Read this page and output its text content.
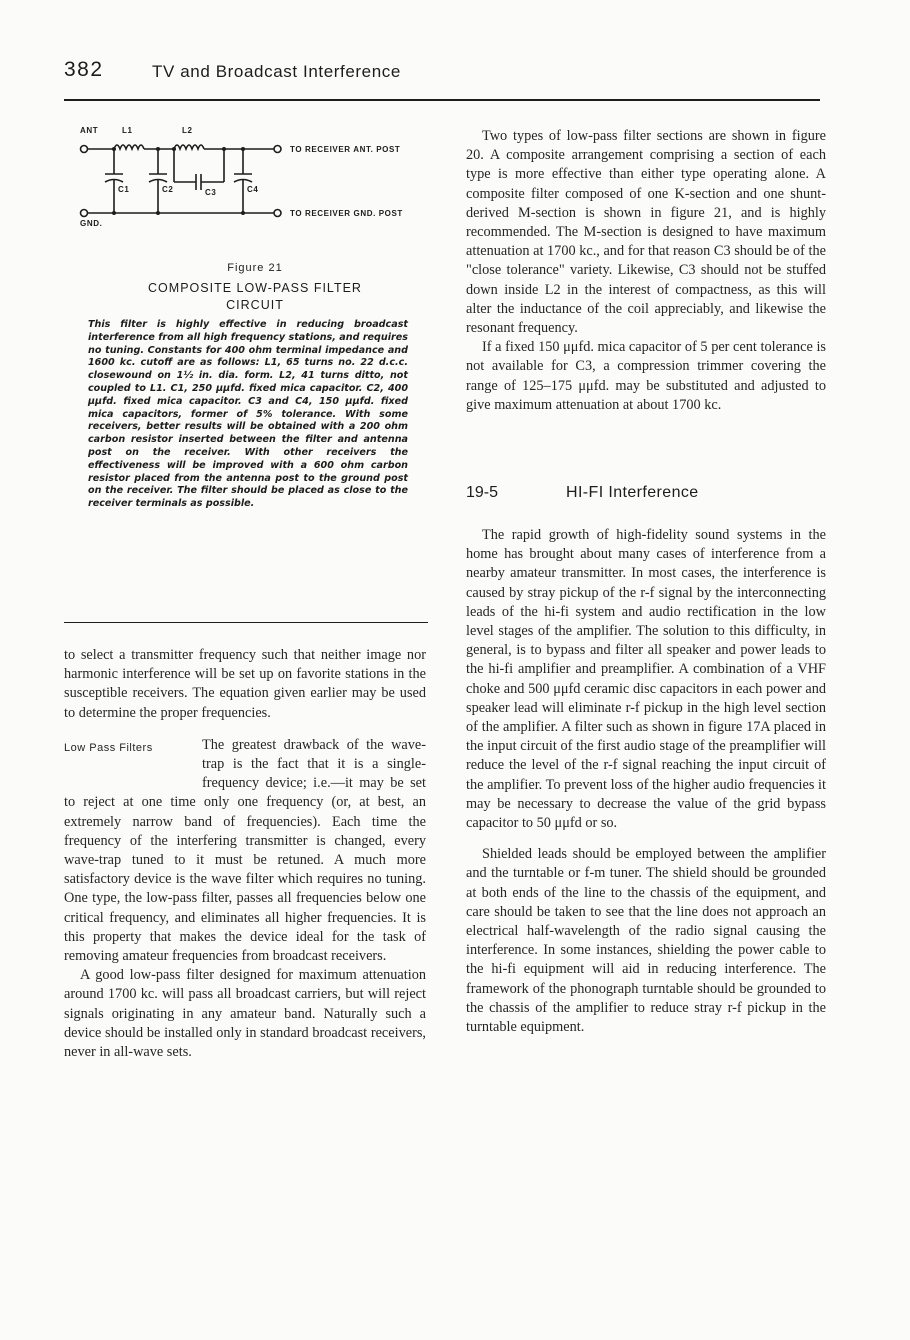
382	TV and Broadcast Interference
ANT
GND.
L1	L2
C1	C2	C3	C4
TO RECEIVER ANT. POST
TO RECEIVER GND. POST
Figure 21
COMPOSITE LOW-PASS FILTER
CIRCUIT
This filter is highly effective in reducing broadcast interference from all high frequency stations, and requires no tuning. Constants for 400 ohm terminal impedance and 1600 kc. cutoff are as follows: L1, 65 turns no. 22 d.c.c. closewound on 1½ in. dia. form. L2, 41 turns ditto, not coupled to L1. C1, 250 μμfd. fixed mica capacitor. C2, 400 μμfd. fixed mica capacitor. C3 and C4, 150 μμfd. fixed mica capacitors, former of 5% tolerance. With some receivers, better results will be obtained with a 200 ohm carbon resistor inserted between the filter and antenna post on the receiver. With other receivers the effectiveness will be improved with a 600 ohm carbon resistor placed from the antenna post to the ground post on the receiver. The filter should be placed as close to the receiver terminals as possible.

to select a transmitter frequency such that neither image nor harmonic interference will be set up on favorite stations in the susceptible receivers. The equation given earlier may be used to determine the proper frequencies.

Low Pass Filters	The greatest drawback of the wave-trap is the fact that it is a single-frequency device; i.e.—it may be set to reject at one time only one frequency (or, at best, an extremely narrow band of frequencies). Each time the frequency of the interfering transmitter is changed, every wave-trap tuned to it must be retuned. A much more satisfactory device is the wave filter which requires no tuning. One type, the low-pass filter, passes all frequencies below one critical frequency, and eliminates all higher frequencies. It is this property that makes the device ideal for the task of removing amateur frequencies from broadcast receivers.

A good low-pass filter designed for maximum attenuation around 1700 kc. will pass all broadcast carriers, but will reject signals originating in any amateur band. Naturally such a device should be installed only in standard broadcast receivers, never in all-wave sets.

Two types of low-pass filter sections are shown in figure 20. A composite arrangement comprising a section of each type is more effective than either type operating alone. A composite filter composed of one K-section and one shunt-derived M-section is shown in figure 21, and is highly recommended. The M-section is designed to have maximum attenuation at 1700 kc., and for that reason C3 should be of the "close tolerance" variety. Likewise, C3 should not be stuffed down inside L2 in the interest of compactness, as this will alter the inductance of the coil appreciably, and likewise the resonant frequency.

If a fixed 150 μμfd. mica capacitor of 5 per cent tolerance is not available for C3, a compression trimmer covering the range of 125–175 μμfd. may be substituted and adjusted to give maximum attenuation at about 1700 kc.

19-5	HI-FI Interference

The rapid growth of high-fidelity sound systems in the home has brought about many cases of interference from a nearby amateur transmitter. In most cases, the interference is caused by stray pickup of the r-f signal by the interconnecting leads of the hi-fi system and audio rectification in the low level stages of the amplifier. The solution to this difficulty, in general, is to bypass and filter all speaker and power leads to the hi-fi amplifier and preamplifier. A combination of a VHF choke and 500 μμfd ceramic disc capacitors in each power and speaker lead will eliminate r-f pickup in the high level section of the amplifier. A filter such as shown in figure 17A placed in the input circuit of the first audio stage of the preamplifier will reduce the level of the r-f signal reaching the input circuit of the amplifier. To prevent loss of the higher audio frequencies it may be necessary to decrease the value of the grid bypass capacitor to 50 μμfd or so.

Shielded leads should be employed between the amplifier and the turntable or f-m tuner. The shield should be grounded at both ends of the line to the chassis of the equipment, and care should be taken to see that the line does not approach an electrical half-wavelength of the radio signal causing the interference. In some instances, shielding the power cable to the hi-fi equipment will aid in reducing interference. The framework of the phonograph turntable should be grounded to the chassis of the amplifier to reduce stray r-f pickup in the turntable equipment.
